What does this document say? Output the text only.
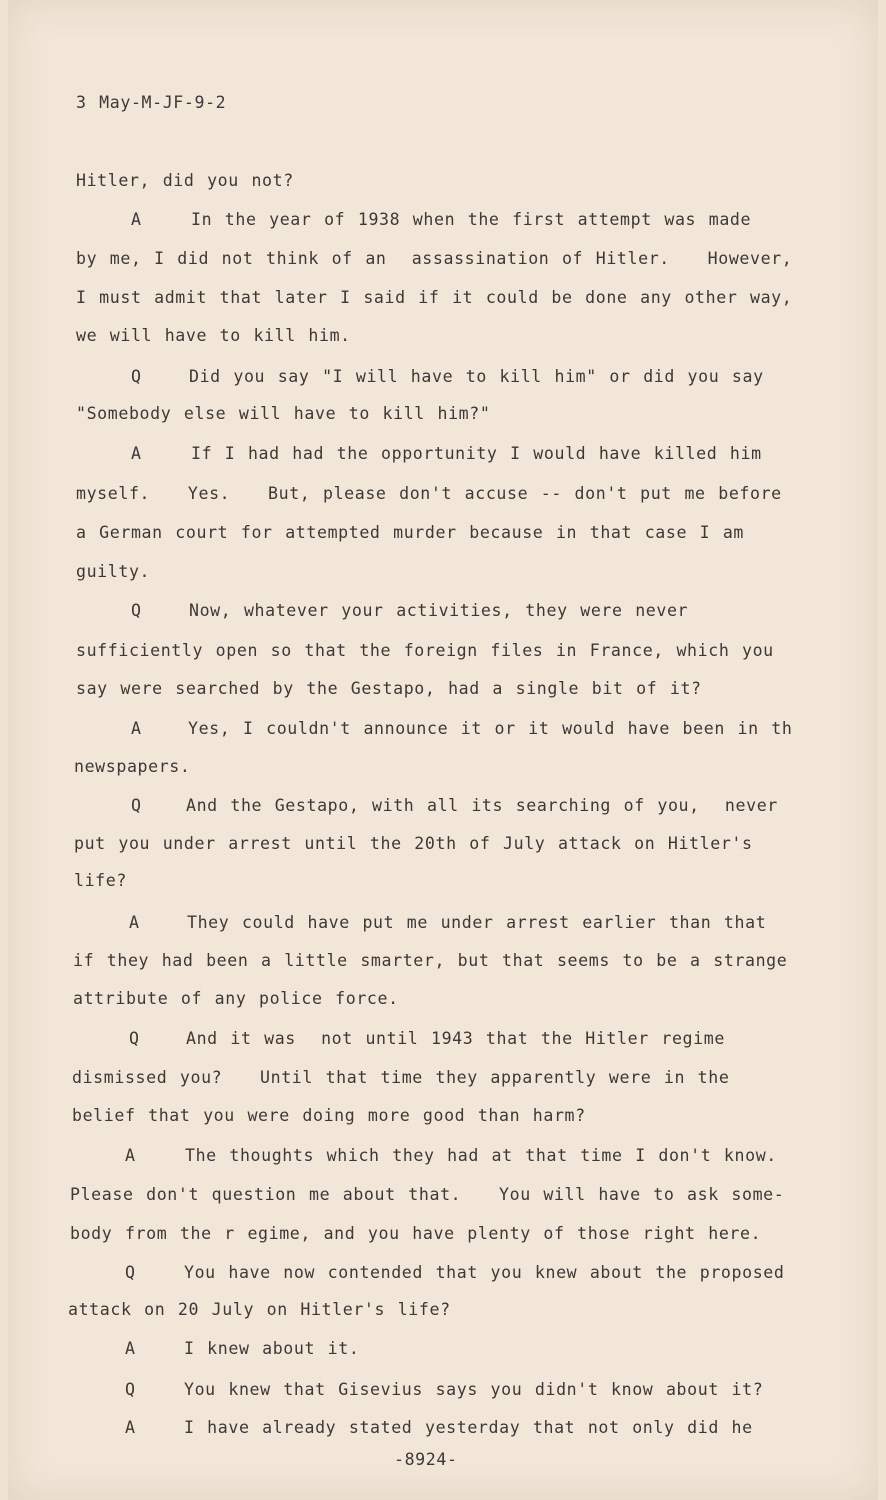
3 May-M-JF-9-2
Hitler, did you not?
A	In the year of 1938 when the first attempt was made
by me, I did not think of an  assassination of Hitler.   However,
I must admit that later I said if it could be done any other way,
we will have to kill him.
Q	Did you say "I will have to kill him" or did you say
"Somebody else will have to kill him?"
A	If I had had the opportunity I would have killed him
myself.   Yes.   But, please don't accuse -- don't put me before
a German court for attempted murder because in that case I am
guilty.
Q	Now, whatever your activities, they were never
sufficiently open so that the foreign files in France, which you
say were searched by the Gestapo, had a single bit of it?
A	Yes, I couldn't announce it or it would have been in th
newspapers.
Q	And the Gestapo, with all its searching of you,  never
put you under arrest until the 20th of July attack on Hitler's
life?
A	They could have put me under arrest earlier than that
if they had been a little smarter, but that seems to be a strange
attribute of any police force.
Q	And it was  not until 1943 that the Hitler regime
dismissed you?   Until that time they apparently were in the
belief that you were doing more good than harm?
A	The thoughts which they had at that time I don't know.
Please don't question me about that.   You will have to ask some-
body from the r egime, and you have plenty of those right here.
Q	You have now contended that you knew about the proposed
attack on 20 July on Hitler's life?
A	I knew about it.
Q	You knew that Gisevius says you didn't know about it?
A	I have already stated yesterday that not only did he
-8924-
